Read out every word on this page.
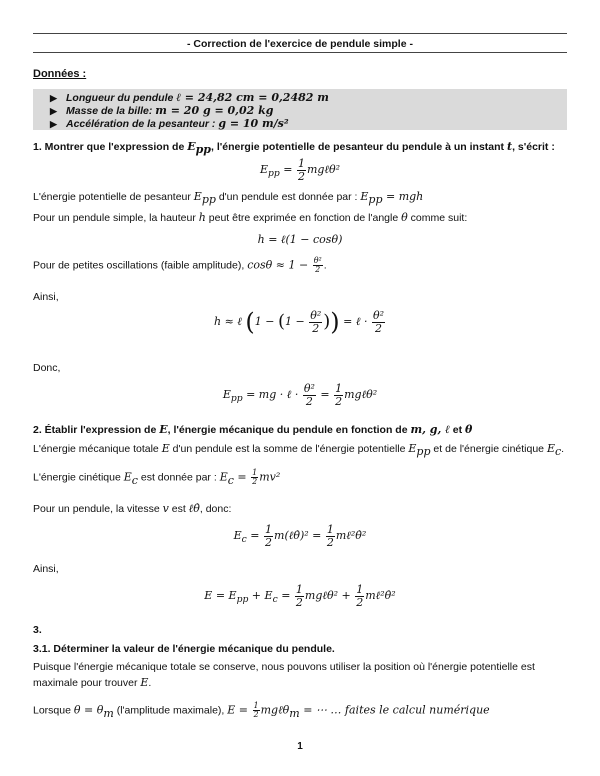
- Correction de l'exercice de pendule simple -
Données :
▶ Longueur du pendule ℓ = 24,82 cm = 0,2482 m
▶ Masse de la bille: m = 20 g = 0,02 kg
▶ Accélération de la pesanteur : g = 10 m/s²
1. Montrer que l'expression de $E_{pp}$, l'énergie potentielle de pesanteur du pendule à un instant t, s'écrit :
$E_{pp} = \frac{1}{2}$ mgℓθ²
L'énergie potentielle de pesanteur $E_{pp}$ d'un pendule est donnée par : $E_{pp}$ = mgh
Pour un pendule simple, la hauteur h peut être exprimée en fonction de l'angle θ comme suit:
h = ℓ(1 − cosθ)
Pour de petites oscillations (faible amplitude), $\cos\theta \approx 1 - \frac{\text{θ²}}{2}$ .
Ainsi,
h ≈ ℓ ($1 - (1 - \frac{\text{θ²}}{2}$ )) = ℓ · $\frac{\text{θ²}}{2}$
Donc,
$E_{pp}$ = mg · ℓ · $\frac{\text{θ²}}{2} = \frac{1}{2}$ mgℓθ²
2. Établir l'expression de E, l'énergie mécanique du pendule en fonction de m, g, ℓ et θ
L'énergie mécanique totale E d'un pendule est la somme de l'énergie potentielle $E_{pp}$ et de l'énergie cinétique $E_c$.
L'énergie cinétique $E_c$ est donnée par : $E_c = \frac{1}{2} mv^2$
Pour un pendule, la vitesse v est ℓθ̇, donc:
$E_c = \frac{1}{2}$ m(ℓθ̇)² = $\frac{1}{2}$ mℓ²θ̇²
Ainsi,
$E = E_{pp} + E_c = \frac{1}{2}$ mgℓθ² + $\frac{1}{2}$ mℓ²θ̇²
3.
3.1. Déterminer la valeur de l'énergie mécanique du pendule.
Puisque l'énergie mécanique totale se conserve, nous pouvons utiliser la position où l'énergie potentielle est
maximale pour trouver E.
Lorsque $\theta = \theta_m$ (l'amplitude maximale), $E = \frac{1}{2}$ mgℓθ$_m$ = ⋯ … faites le calcul numérique
1
